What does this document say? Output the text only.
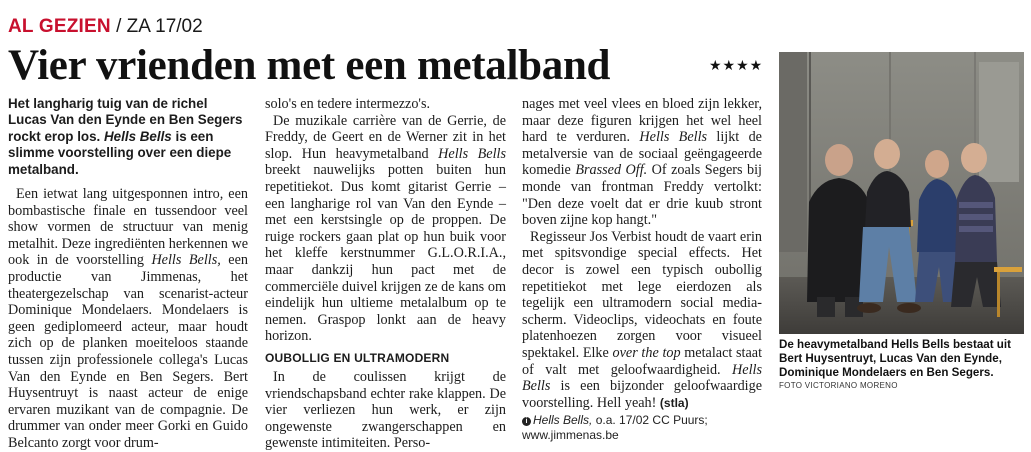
AL GEZIEN / ZA 17/02
Vier vrienden met een metalband	★★★★

Het langharig tuig van de richel Lucas Van den Eynde en Ben Segers rockt erop los. Hells Bells is een slimme voorstelling over een diepe metalband.

Een ietwat lang uitgesponnen intro, een bombastische finale en tussendoor veel show vormen de structuur van menig metalhit. Deze ingrediënten herkennen we ook in de voorstelling Hells Bells, een productie van Jimmenas, het theatergezelschap van scenarist-acteur Dominique Mondelaers. Mondelaers is geen gediplomeerd acteur, maar houdt zich op de planken moeiteloos staande tussen zijn professionele collega's Lucas Van den Eynde en Ben Segers. Bert Huysentruyt is naast acteur de enige ervaren muzikant van de compagnie. De drummer van onder meer Gorki en Guido Belcanto zorgt voor drum-

solo's en tedere intermezzo's.

De muzikale carrière van de Gerrie, de Freddy, de Geert en de Werner zit in het slop. Hun heavymetalband Hells Bells breekt nauwelijks potten buiten hun repetitiekot. Dus komt gitarist Gerrie – een langharige rol van Van den Eynde – met een kerstsingle op de proppen. De ruige rockers gaan plat op hun buik voor het kleffe kerstnummer G.L.O.R.I.A., maar dankzij hun pact met de commerciële duivel krijgen ze de kans om eindelijk hun ultieme metalalbum op te nemen. Graspop lonkt aan de heavy horizon.

OUBOLLIG EN ULTRAMODERN

In de coulissen krijgt de vriendschapsband echter rake klappen. De vier verliezen hun werk, er zijn ongewenste zwangerschappen en gewenste intimiteiten. Perso-

nages met veel vlees en bloed zijn lekker, maar deze figuren krijgen het wel heel hard te verduren. Hells Bells lijkt de metalversie van de sociaal geëngageerde komedie Brassed Off. Of zoals Segers bij monde van frontman Freddy vertolkt: "Den deze voelt dat er drie kuub stront boven zijne kop hangt."

Regisseur Jos Verbist houdt de vaart erin met spitsvondige special effects. Het decor is zowel een typisch oubollig repetitiekot met lege eierdozen als tegelijk een ultramodern social media-scherm. Videoclips, videochats en foute platenhoezen zorgen voor visueel spektakel. Elke over the top metalact staat of valt met geloofwaardigheid. Hells Bells is een bijzonder geloofwaardige voorstelling. Hell yeah! (stla)

i Hells Bells, o.a. 17/02 CC Puurs;
www.jimmenas.be
De heavymetalband Hells Bells bestaat uit Bert Huysentruyt, Lucas Van den Eynde, Dominique Mondelaers en Ben Segers.
FOTO VICTORIANO MORENO
